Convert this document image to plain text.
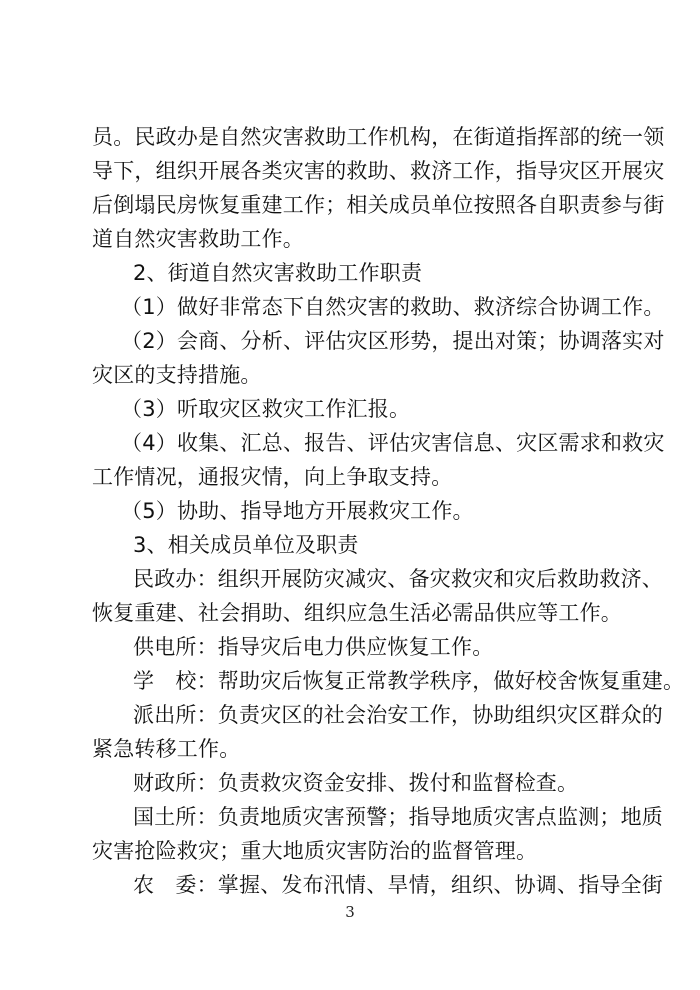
员。民政办是自然灾害救助工作机构，在街道指挥部的统一领
导下，组织开展各类灾害的救助、救济工作，指导灾区开展灾
后倒塌民房恢复重建工作；相关成员单位按照各自职责参与街
道自然灾害救助工作。
2、街道自然灾害救助工作职责
（1）做好非常态下自然灾害的救助、救济综合协调工作。
（2）会商、分析、评估灾区形势，提出对策；协调落实对
灾区的支持措施。
（3）听取灾区救灾工作汇报。
（4）收集、汇总、报告、评估灾害信息、灾区需求和救灾
工作情况，通报灾情，向上争取支持。
（5）协助、指导地方开展救灾工作。
3、相关成员单位及职责
民政办：组织开展防灾减灾、备灾救灾和灾后救助救济、
恢复重建、社会捐助、组织应急生活必需品供应等工作。
供电所：指导灾后电力供应恢复工作。
学　校：帮助灾后恢复正常教学秩序，做好校舍恢复重建。
派出所：负责灾区的社会治安工作，协助组织灾区群众的
紧急转移工作。
财政所：负责救灾资金安排、拨付和监督检查。
国土所：负责地质灾害预警；指导地质灾害点监测；地质
灾害抢险救灾；重大地质灾害防治的监督管理。
农　委：掌握、发布汛情、旱情，组织、协调、指导全街
3
